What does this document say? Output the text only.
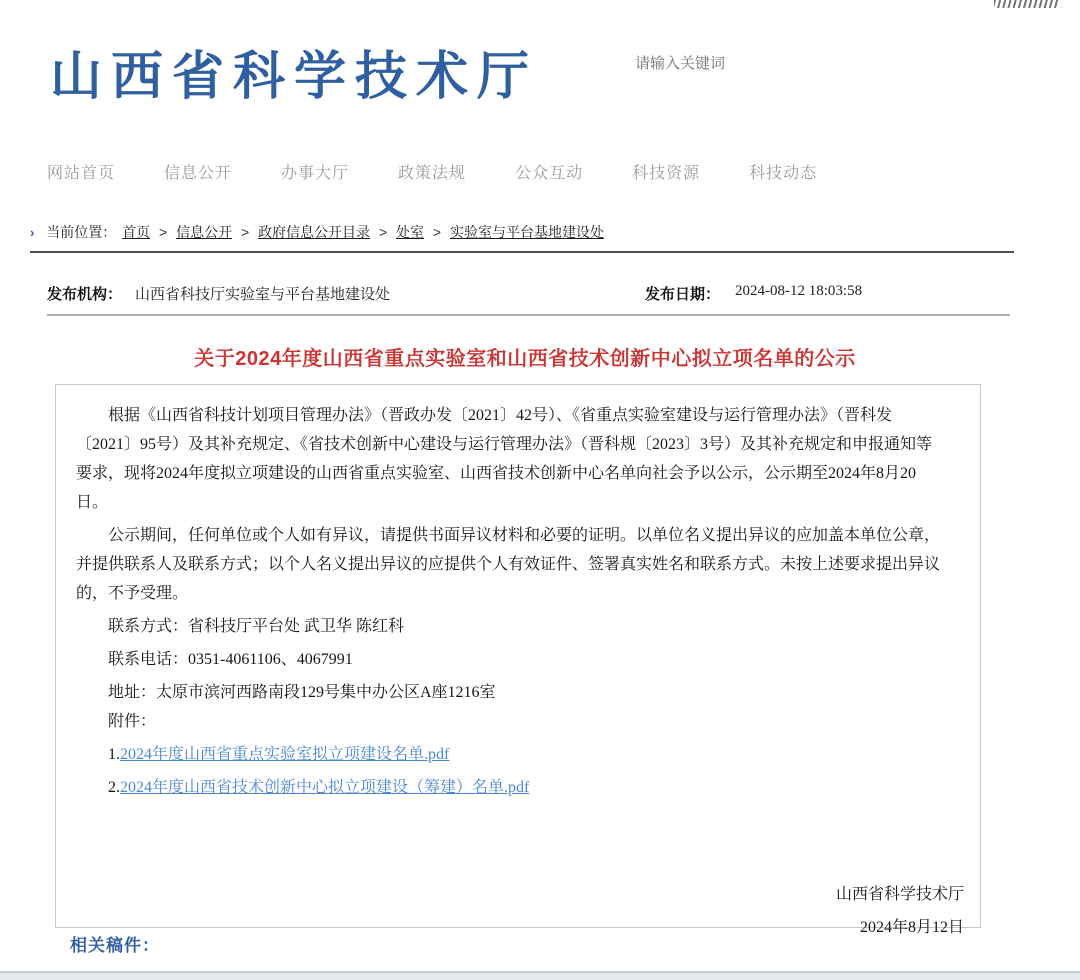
山西省科学技术厅
请输入关键词
网站首页	信息公开	办事大厅	政策法规	公众互动	科技资源	科技动态
› 当前位置： 首页 > 信息公开 > 政府信息公开目录 > 处室 > 实验室与平台基地建设处
发布机构： 山西省科技厅实验室与平台基地建设处	发布日期： 2024-08-12 18:03:58
关于2024年度山西省重点实验室和山西省技术创新中心拟立项名单的公示

根据《山西省科技计划项目管理办法》（晋政办发〔2021〕42号）、《省重点实验室建设与运行管理办法》（晋科发〔2021〕95号）及其补充规定、《省技术创新中心建设与运行管理办法》（晋科规〔2023〕3号）及其补充规定和申报通知等要求，现将2024年度拟立项建设的山西省重点实验室、山西省技术创新中心名单向社会予以公示，公示期至2024年8月20日。

公示期间，任何单位或个人如有异议，请提供书面异议材料和必要的证明。以单位名义提出异议的应加盖本单位公章，并提供联系人及联系方式；以个人名义提出异议的应提供个人有效证件、签署真实姓名和联系方式。未按上述要求提出异议的，不予受理。

联系方式：省科技厅平台处 武卫华 陈红科

联系电话：0351-4061106、4067991

地址：太原市滨河西路南段129号集中办公区A座1216室

附件：

1.2024年度山西省重点实验室拟立项建设名单.pdf
2.2024年度山西省技术创新中心拟立项建设（筹建）名单.pdf

山西省科学技术厅

2024年8月12日

相关稿件：
